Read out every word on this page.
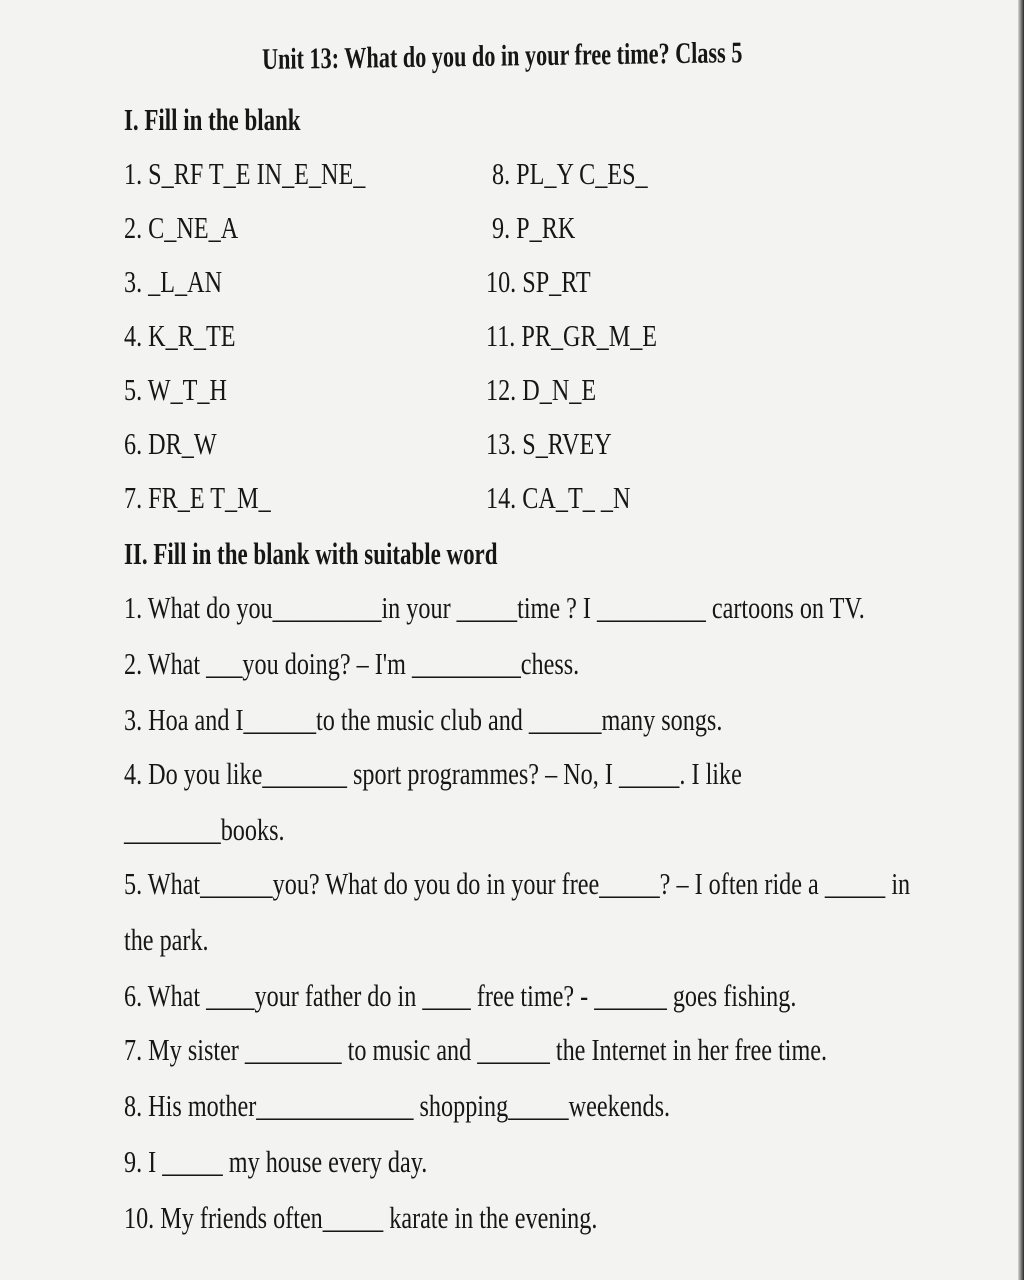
Unit 13: What do you do in your free time? Class 5
I. Fill in the blank
1. S_RF T_E IN_E_NE_
2. C_NE_A
3. _L_AN
4. K_R_TE
5. W_T_H
6. DR_W
7. FR_E T_M_
8. PL_Y C_ES_
9. P_RK
10. SP_RT
11. PR_GR_M_E
12. D_N_E
13. S_RVEY
14. CA_T_ _N
II. Fill in the blank with suitable word
1. What do you_________in your _____time ? I _________ cartoons on TV.
2. What ___you doing? – I'm _________chess.
3. Hoa and I______to the music club and ______many songs.
4. Do you like_______ sport programmes? – No, I _____. I like
________books.
5. What______you? What do you do in your free_____? – I often ride a _____ in
the park.
6. What ____your father do in ____ free time? - ______ goes fishing.
7. My sister ________ to music and ______ the Internet in her free time.
8. His mother_____________ shopping_____weekends.
9. I _____ my house every day.
10. My friends often_____ karate in the evening.
